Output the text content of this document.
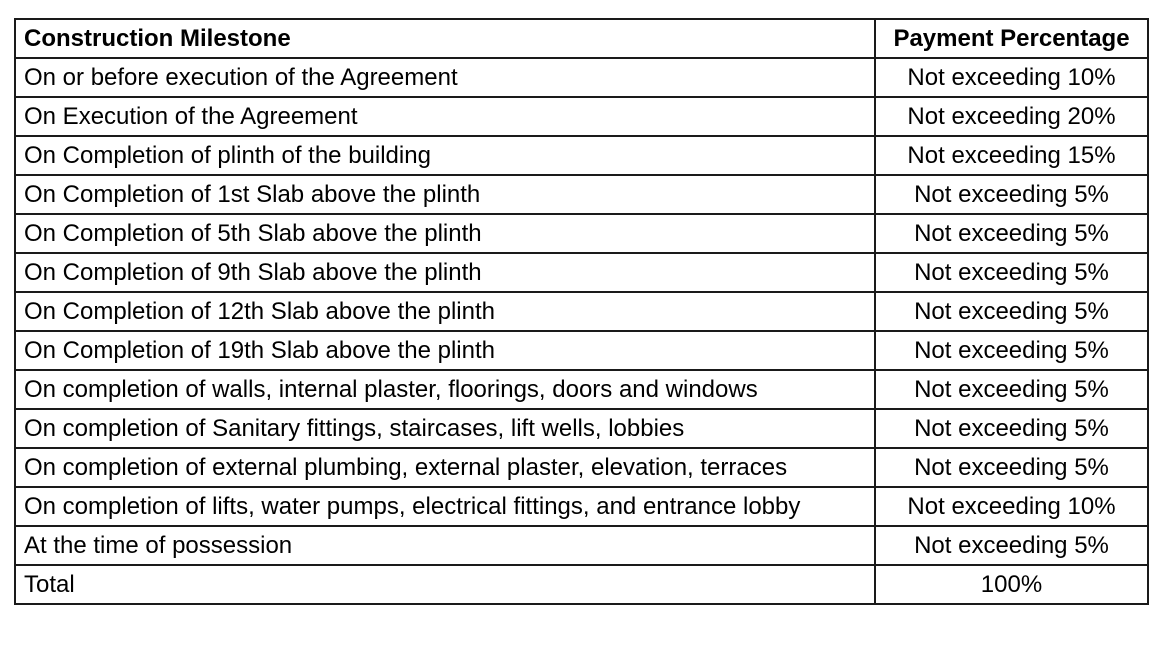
Construction Milestone	Payment Percentage
On or before execution of the Agreement	Not exceeding 10%
On Execution of the Agreement	Not exceeding 20%
On Completion of plinth of the building	Not exceeding 15%
On Completion of 1st Slab above the plinth	Not exceeding 5%
On Completion of 5th Slab above the plinth	Not exceeding 5%
On Completion of 9th Slab above the plinth	Not exceeding 5%
On Completion of 12th Slab above the plinth	Not exceeding 5%
On Completion of 19th Slab above the plinth	Not exceeding 5%
On completion of walls, internal plaster, floorings, doors and windows	Not exceeding 5%
On completion of Sanitary fittings, staircases, lift wells, lobbies	Not exceeding 5%
On completion of external plumbing, external plaster, elevation, terraces	Not exceeding 5%
On completion of lifts, water pumps, electrical fittings, and entrance lobby	Not exceeding 10%
At the time of possession	Not exceeding 5%
Total	100%
